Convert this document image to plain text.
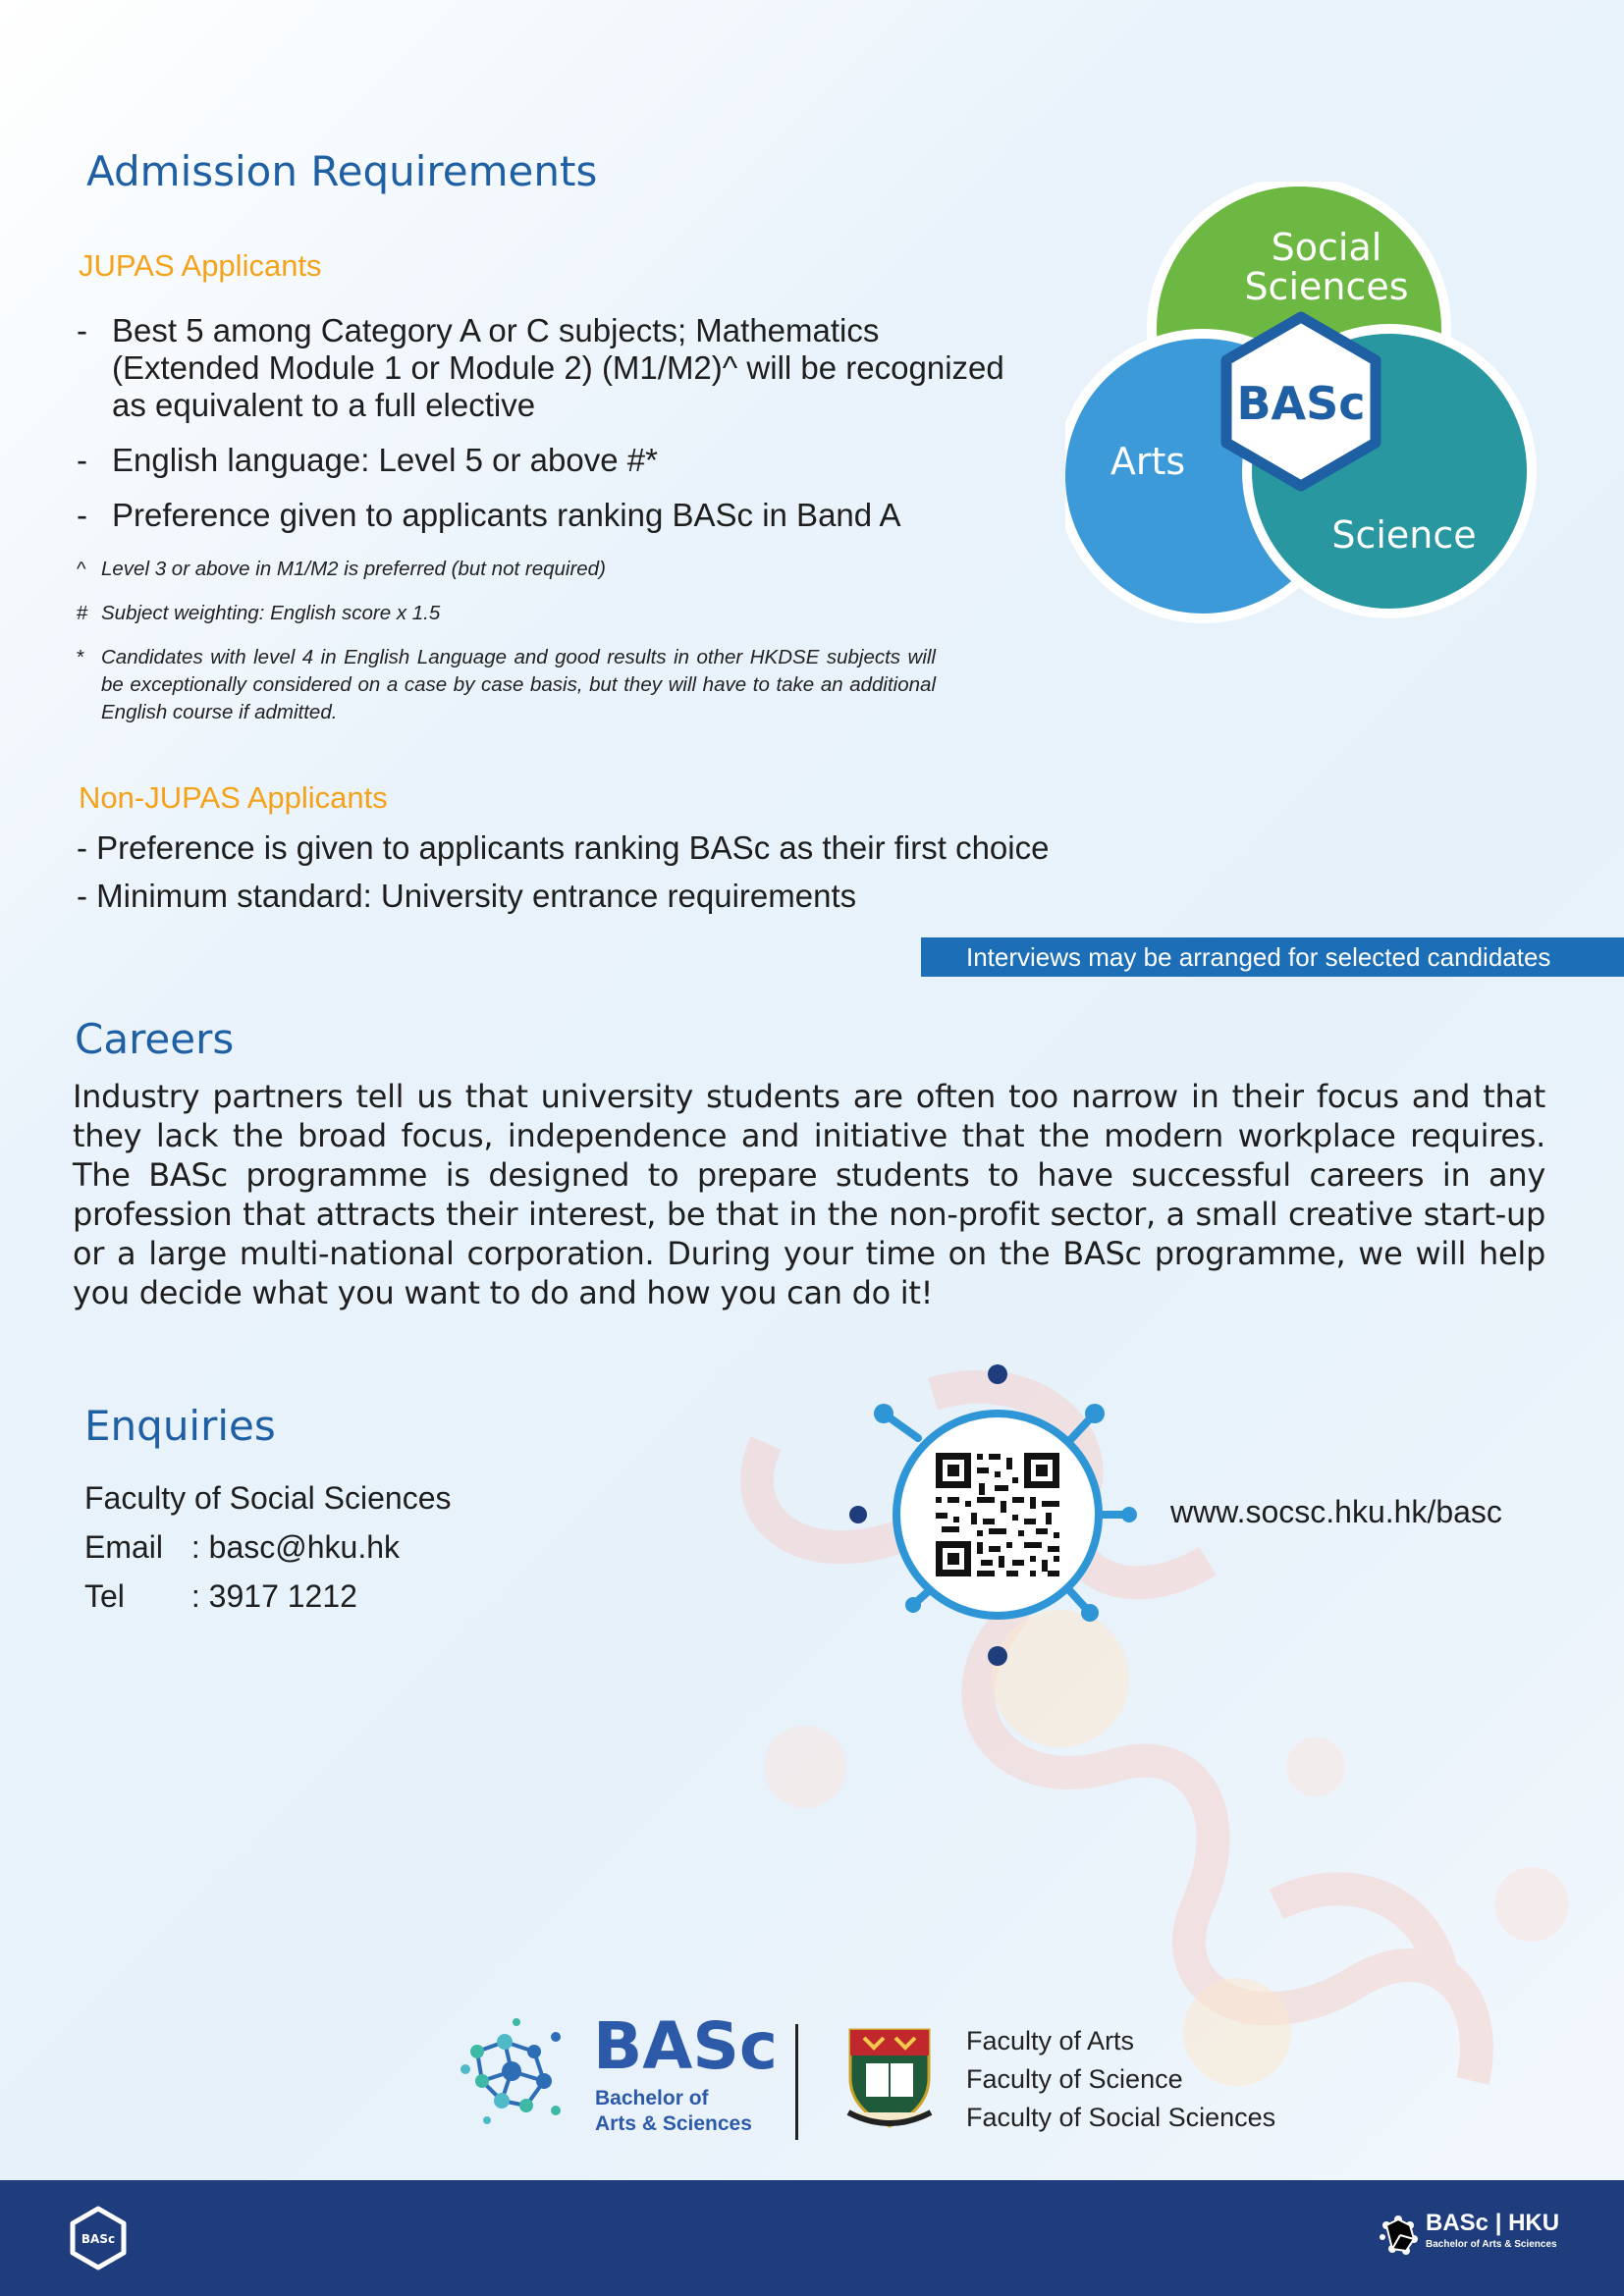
Admission Requirements
JUPAS Applicants
- Best 5 among Category A or C subjects; Mathematics
(Extended Module 1 or Module 2) (M1/M2)^ will be recognized
as equivalent to a full elective
- English language: Level 5 or above #*
- Preference given to applicants ranking BASc in Band A
^ Level 3 or above in M1/M2 is preferred (but not required)
# Subject weighting: English score x 1.5
* Candidates with level 4 in English Language and good results in other HKDSE subjects will be exceptionally considered on a case by case basis, but they will have to take an additional English course if admitted.
Non-JUPAS Applicants
- Preference is given to applicants ranking BASc as their first choice
- Minimum standard: University entrance requirements
Interviews may be arranged for selected candidates
Social
Sciences
Arts
Science
BASc
Careers
Industry partners tell us that university students are often too narrow in their focus and that they lack the broad focus, independence and initiative that the modern workplace requires. The BASc programme is designed to prepare students to have successful careers in any profession that attracts their interest, be that in the non-profit sector, a small creative start-up or a large multi-national corporation. During your time on the BASc programme, we will help you decide what you want to do and how you can do it!
Enquiries
Faculty of Social Sciences
Email : basc@hku.hk
Tel : 3917 1212
www.socsc.hku.hk/basc
BASc
Bachelor of
Arts & Sciences
Faculty of Arts
Faculty of Science
Faculty of Social Sciences
BASc
BASc | HKU
Bachelor of Arts & Sciences
